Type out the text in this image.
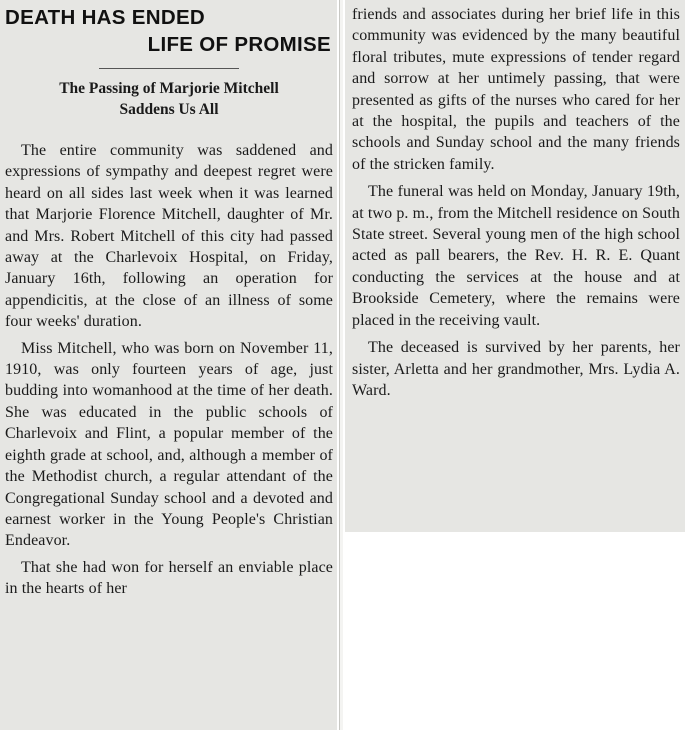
DEATH HAS ENDED
LIFE OF PROMISE
The Passing of Marjorie Mitchell
Saddens Us All

The entire community was saddened and expressions of sympathy and deepest regret were heard on all sides last week when it was learned that Marjorie Florence Mitchell, daughter of Mr. and Mrs. Robert Mitchell of this city had passed away at the Charlevoix Hospital, on Friday, January 16th, following an operation for appendicitis, at the close of an illness of some four weeks' duration.

Miss Mitchell, who was born on November 11, 1910, was only fourteen years of age, just budding into womanhood at the time of her death. She was educated in the public schools of Charlevoix and Flint, a popular member of the eighth grade at school, and, although a member of the Methodist church, a regular attendant of the Congregational Sunday school and a devoted and earnest worker in the Young People's Christian Endeavor.

That she had won for herself an enviable place in the hearts of her

friends and associates during her brief life in this community was evidenced by the many beautiful floral tributes, mute expressions of tender regard and sorrow at her untimely passing, that were presented as gifts of the nurses who cared for her at the hospital, the pupils and teachers of the schools and Sunday school and the many friends of the stricken family.

The funeral was held on Monday, January 19th, at two p. m., from the Mitchell residence on South State street. Several young men of the high school acted as pall bearers, the Rev. H. R. E. Quant conducting the services at the house and at Brookside Cemetery, where the remains were placed in the receiving vault.

The deceased is survived by her parents, her sister, Arletta and her grandmother, Mrs. Lydia A. Ward.
